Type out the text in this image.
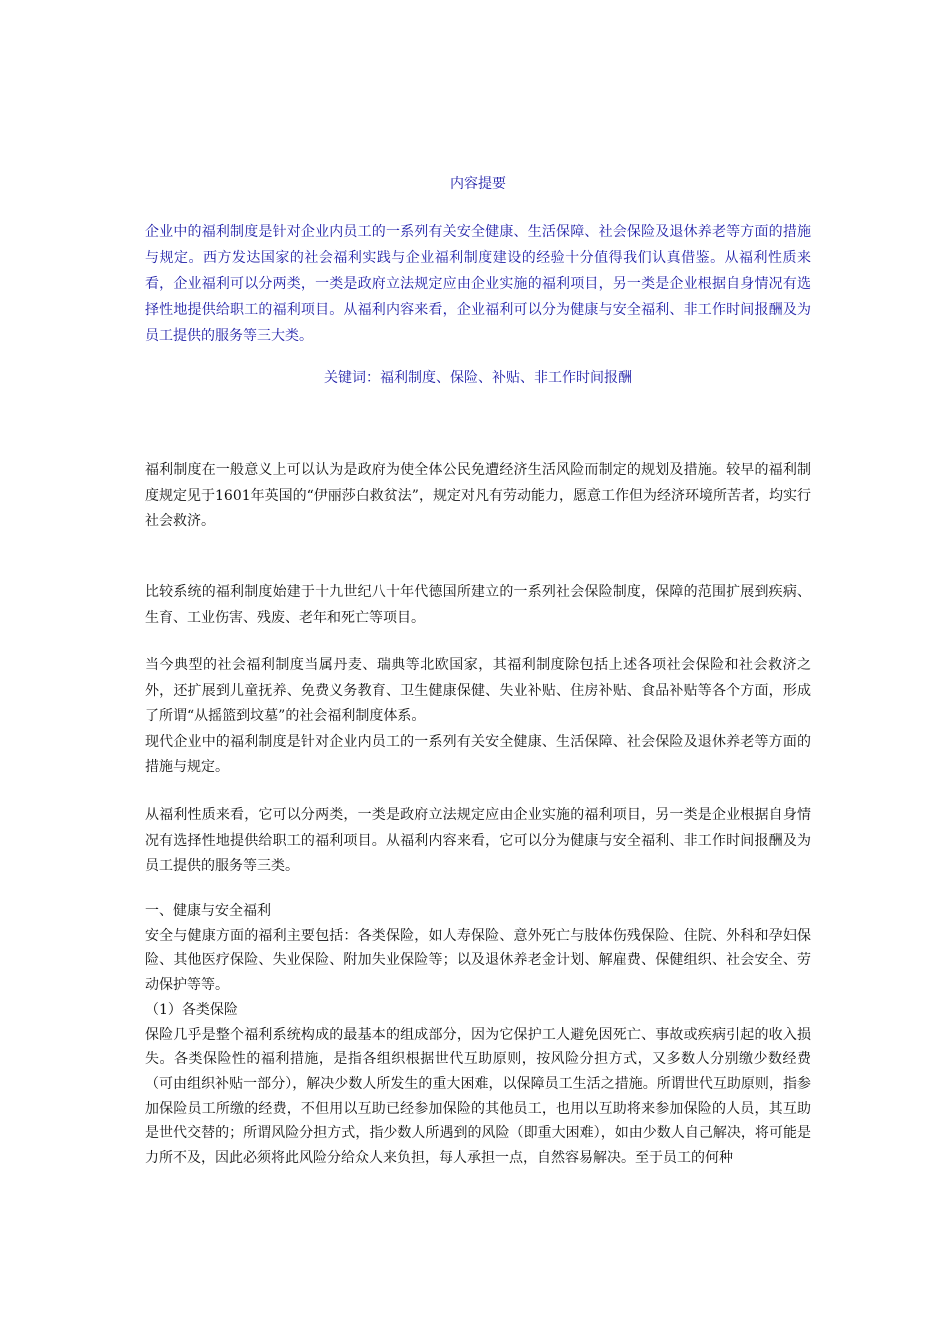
内容提要

企业中的福利制度是针对企业内员工的一系列有关安全健康、生活保障、社会保险及退休养老等方面的措施与规定。西方发达国家的社会福利实践与企业福利制度建设的经验十分值得我们认真借鉴。从福利性质来看，企业福利可以分两类，一类是政府立法规定应由企业实施的福利项目，另一类是企业根据自身情况有选择性地提供给职工的福利项目。从福利内容来看，企业福利可以分为健康与安全福利、非工作时间报酬及为员工提供的服务等三大类。

关键词：福利制度、保险、补贴、非工作时间报酬

福利制度在一般意义上可以认为是政府为使全体公民免遭经济生活风险而制定的规划及措施。较早的福利制度规定见于1601年英国的“伊丽莎白救贫法”，规定对凡有劳动能力，愿意工作但为经济环境所苦者，均实行社会救济。

比较系统的福利制度始建于十九世纪八十年代德国所建立的一系列社会保险制度，保障的范围扩展到疾病、生育、工业伤害、残废、老年和死亡等项目。

当今典型的社会福利制度当属丹麦、瑞典等北欧国家，其福利制度除包括上述各项社会保险和社会救济之外，还扩展到儿童抚养、免费义务教育、卫生健康保健、失业补贴、住房补贴、食品补贴等各个方面，形成了所谓“从摇篮到坟墓”的社会福利制度体系。
现代企业中的福利制度是针对企业内员工的一系列有关安全健康、生活保障、社会保险及退休养老等方面的措施与规定。

从福利性质来看，它可以分两类，一类是政府立法规定应由企业实施的福利项目，另一类是企业根据自身情况有选择性地提供给职工的福利项目。从福利内容来看，它可以分为健康与安全福利、非工作时间报酬及为员工提供的服务等三类。

一、健康与安全福利
安全与健康方面的福利主要包括：各类保险，如人寿保险、意外死亡与肢体伤残保险、住院、外科和孕妇保险、其他医疗保险、失业保险、附加失业保险等；以及退休养老金计划、解雇费、保健组织、社会安全、劳动保护等等。
（1）各类保险
保险几乎是整个福利系统构成的最基本的组成部分，因为它保护工人避免因死亡、事故或疾病引起的收入损失。各类保险性的福利措施，是指各组织根据世代互助原则，按风险分担方式，又多数人分别缴少数经费（可由组织补贴一部分），解决少数人所发生的重大困难，以保障员工生活之措施。所谓世代互助原则，指参加保险员工所缴的经费，不但用以互助已经参加保险的其他员工，也用以互助将来参加保险的人员，其互助是世代交替的；所谓风险分担方式，指少数人所遇到的风险（即重大困难），如由少数人自己解决，将可能是力所不及，因此必须将此风险分给众人来负担，每人承担一点，自然容易解决。至于员工的何种
